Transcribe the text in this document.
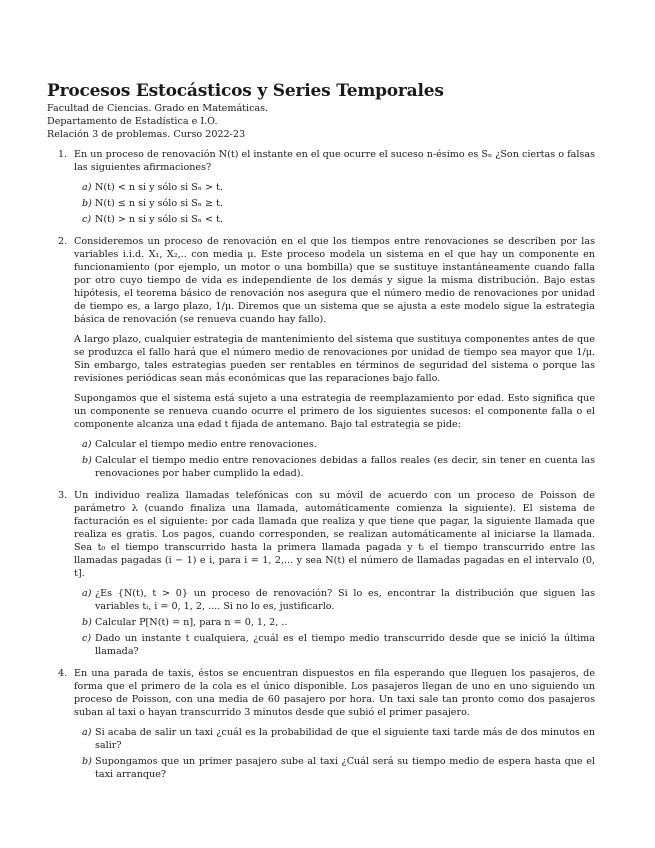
Procesos Estocásticos y Series Temporales
Facultad de Ciencias. Grado en Matemáticas.
Departamento de Estadística e I.O.
Relación 3 de problemas. Curso 2022-23
1. En un proceso de renovación N(t) el instante en el que ocurre el suceso n-ésimo es Sₙ ¿Son ciertas o falsas las siguientes afirmaciones?

a) N(t) < n si y sólo si Sₙ > t.
b) N(t) ≤ n si y sólo si Sₙ ≥ t.
c) N(t) > n si y sólo si Sₙ < t.
2. Consideremos un proceso de renovación en el que los tiempos entre renovaciones se describen por las variables i.i.d. X₁, X₂,.. con media μ. Este proceso modela un sistema en el que hay un componente en funcionamiento (por ejemplo, un motor o una bombilla) que se sustituye instantáneamente cuando falla por otro cuyo tiempo de vida es independiente de los demás y sigue la misma distribución. Bajo estas hipótesis, el teorema básico de renovación nos asegura que el número medio de renovaciones por unidad de tiempo es, a largo plazo, 1/μ. Diremos que un sistema que se ajusta a este modelo sigue la estrategia básica de renovación (se renueva cuando hay fallo).

A largo plazo, cualquier estrategia de mantenimiento del sistema que sustituya componentes antes de que se produzca el fallo hará que el número medio de renovaciones por unidad de tiempo sea mayor que 1/μ. Sin embargo, tales estrategias pueden ser rentables en términos de seguridad del sistema o porque las revisiones periódicas sean más económicas que las reparaciones bajo fallo.

Supongamos que el sistema está sujeto a una estrategia de reemplazamiento por edad. Esto significa que un componente se renueva cuando ocurre el primero de los siguientes sucesos: el componente falla o el componente alcanza una edad t fijada de antemano. Bajo tal estrategia se pide:

a) Calcular el tiempo medio entre renovaciones.
b) Calcular el tiempo medio entre renovaciones debidas a fallos reales (es decir, sin tener en cuenta las renovaciones por haber cumplido la edad).
3. Un individuo realiza llamadas telefónicas con su móvil de acuerdo con un proceso de Poisson de parámetro λ (cuando finaliza una llamada, automáticamente comienza la siguiente). El sistema de facturación es el siguiente: por cada llamada que realiza y que tiene que pagar, la siguiente llamada que realiza es gratis. Los pagos, cuando corresponden, se realizan automáticamente al iniciarse la llamada. Sea t₀ el tiempo transcurrido hasta la primera llamada pagada y tᵢ el tiempo transcurrido entre las llamadas pagadas (i − 1) e i, para i = 1, 2,... y sea N(t) el número de llamadas pagadas en el intervalo (0, t].

a) ¿Es {N(t), t > 0} un proceso de renovación? Si lo es, encontrar la distribución que siguen las variables tᵢ, i = 0, 1, 2, .... Si no lo es, justificarlo.
b) Calcular P[N(t) = n], para n = 0, 1, 2, ..
c) Dado un instante t cualquiera, ¿cuál es el tiempo medio transcurrido desde que se inició la última llamada?
4. En una parada de taxis, éstos se encuentran dispuestos en fila esperando que lleguen los pasajeros, de forma que el primero de la cola es el único disponible. Los pasajeros llegan de uno en uno siguiendo un proceso de Poisson, con una media de 60 pasajero por hora. Un taxi sale tan pronto como dos pasajeros suban al taxi o hayan transcurrido 3 minutos desde que subió el primer pasajero.

a) Si acaba de salir un taxi ¿cuál es la probabilidad de que el siguiente taxi tarde más de dos minutos en salir?
b) Supongamos que un primer pasajero sube al taxi ¿Cuál será su tiempo medio de espera hasta que el taxi arranque?
